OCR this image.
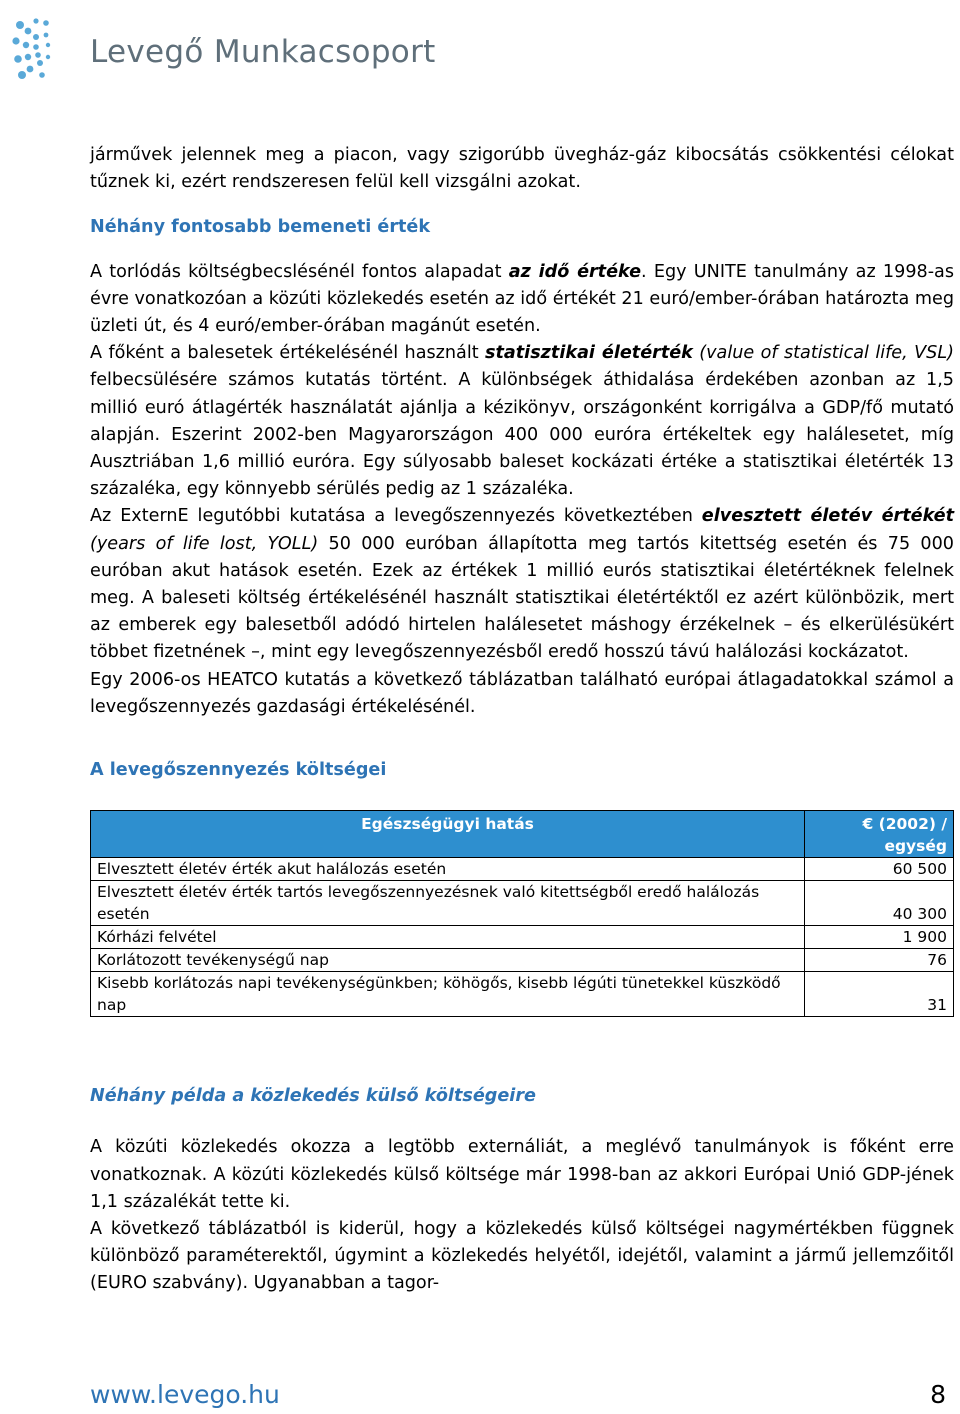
Levegő Munkacsoport

járművek jelennek meg a piacon, vagy szigorúbb üvegház-gáz kibocsátás csökkentési célokat tűznek ki, ezért rendszeresen felül kell vizsgálni azokat.

Néhány fontosabb bemeneti érték

A torlódás költségbecslésénél fontos alapadat az idő értéke. Egy UNITE tanulmány az 1998-as évre vonatkozóan a közúti közlekedés esetén az idő értékét 21 euró/ember-órában határozta meg üzleti út, és 4 euró/ember-órában magánút esetén.

A főként a balesetek értékelésénél használt statisztikai életérték (value of statistical life, VSL) felbecsülésére számos kutatás történt. A különbségek áthidalása érdekében azonban az 1,5 millió euró átlagérték használatát ajánlja a kézikönyv, országonként korrigálva a GDP/fő mutató alapján. Eszerint 2002-ben Magyarországon 400 000 euróra értékeltek egy halálesetet, míg Ausztriában 1,6 millió euróra. Egy súlyosabb baleset kockázati értéke a statisztikai életérték 13 százaléka, egy könnyebb sérülés pedig az 1 százaléka.

Az ExternE legutóbbi kutatása a levegőszennyezés következtében elvesztett életév értékét (years of life lost, YOLL) 50 000 euróban állapította meg tartós kitettség esetén és 75 000 euróban akut hatások esetén. Ezek az értékek 1 millió eurós statisztikai életértéknek felelnek meg. A baleseti költség értékelésénél használt statisztikai életértéktől ez azért különbözik, mert az emberek egy balesetből adódó hirtelen halálesetet máshogy érzékelnek – és elkerülésükért többet fizetnének –, mint egy levegőszennyezésből eredő hosszú távú halálozási kockázatot.

Egy 2006-os HEATCO kutatás a következő táblázatban található európai átlagadatokkal számol a levegőszennyezés gazdasági értékelésénél.

A levegőszennyezés költségei

Egészségügyi hatás	€ (2002) / egység
Elvesztett életév érték akut halálozás esetén	60 500
Elvesztett életév érték tartós levegőszennyezésnek való kitettségből eredő halálozás esetén	40 300
Kórházi felvétel	1 900
Korlátozott tevékenységű nap	76
Kisebb korlátozás napi tevékenységünkben; köhögős, kisebb légúti tünetekkel küszködő nap	31

Néhány példa a közlekedés külső költségeire

A közúti közlekedés okozza a legtöbb externáliát, a meglévő tanulmányok is főként erre vonatkoznak. A közúti közlekedés külső költsége már 1998-ban az akkori Európai Unió GDP-jének 1,1 százalékát tette ki.

A következő táblázatból is kiderül, hogy a közlekedés külső költségei nagymértékben függnek különböző paraméterektől, úgymint a közlekedés helyétől, idejétől, valamint a jármű jellemzőitől (EURO szabvány). Ugyanabban a tagor-

www.levego.hu	8
